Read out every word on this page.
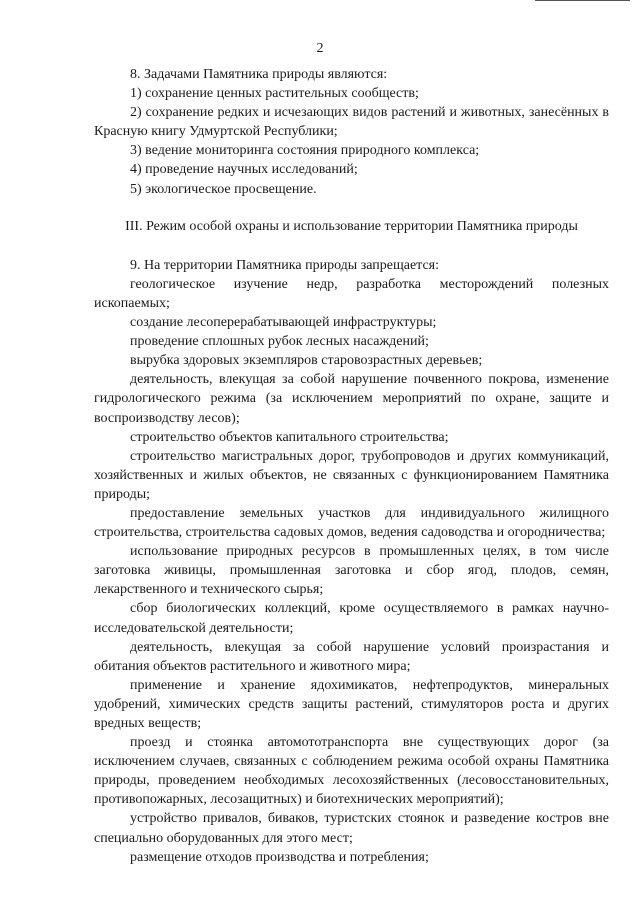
2

8. Задачами Памятника природы являются:

1) сохранение ценных растительных сообществ;

2) сохранение редких и исчезающих видов растений и животных, занесённых в Красную книгу Удмуртской Республики;

3) ведение мониторинга состояния природного комплекса;

4) проведение научных исследований;

5) экологическое просвещение.

III. Режим особой охраны и использование территории Памятника природы

9. На территории Памятника природы запрещается:

геологическое изучение недр, разработка месторождений полезных ископаемых;

создание лесоперерабатывающей инфраструктуры;

проведение сплошных рубок лесных насаждений;

вырубка здоровых экземпляров старовозрастных деревьев;

деятельность, влекущая за собой нарушение почвенного покрова, изменение гидрологического режима (за исключением мероприятий по охране, защите и воспроизводству лесов);

строительство объектов капитального строительства;

строительство магистральных дорог, трубопроводов и других коммуникаций, хозяйственных и жилых объектов, не связанных с функционированием Памятника природы;

предоставление земельных участков для индивидуального жилищного строительства, строительства садовых домов, ведения садоводства и огородничества;

использование природных ресурсов в промышленных целях, в том числе заготовка живицы, промышленная заготовка и сбор ягод, плодов, семян, лекарственного и технического сырья;

сбор биологических коллекций, кроме осуществляемого в рамках научно-исследовательской деятельности;

деятельность, влекущая за собой нарушение условий произрастания и обитания объектов растительного и животного мира;

применение и хранение ядохимикатов, нефтепродуктов, минеральных удобрений, химических средств защиты растений, стимуляторов роста и других вредных веществ;

проезд и стоянка автомототранспорта вне существующих дорог (за исключением случаев, связанных с соблюдением режима особой охраны Памятника природы, проведением необходимых лесохозяйственных (лесовосстановительных, противопожарных, лесозащитных) и биотехнических мероприятий);

устройство привалов, биваков, туристских стоянок и разведение костров вне специально оборудованных для этого мест;

размещение отходов производства и потребления;
